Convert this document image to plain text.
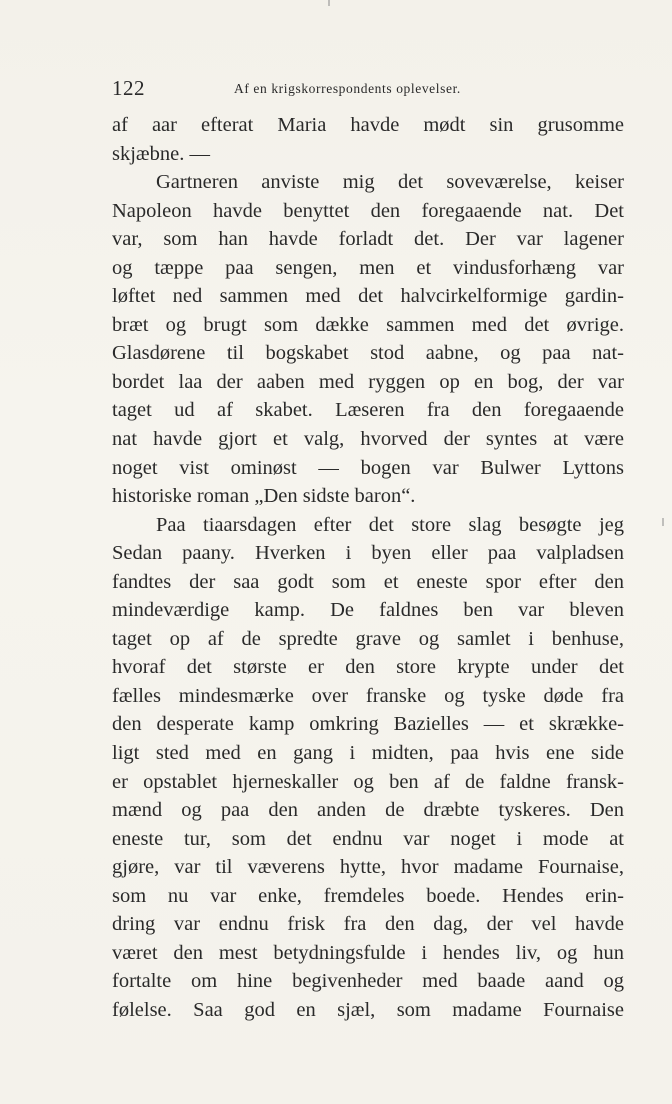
122	Af en krigskorrespondents oplevelser.
af aar efterat Maria havde mødt sin grusomme
skjæbne. —
Gartneren anviste mig det soveværelse, keiser
Napoleon havde benyttet den foregaaende nat. Det
var, som han havde forladt det. Der var lagener
og tæppe paa sengen, men et vindusforhæng var
løftet ned sammen med det halvcirkelformige gardin-
bræt og brugt som dække sammen med det øvrige.
Glasdørene til bogskabet stod aabne, og paa nat-
bordet laa der aaben med ryggen op en bog, der var
taget ud af skabet. Læseren fra den foregaaende
nat havde gjort et valg, hvorved der syntes at være
noget vist ominøst — bogen var Bulwer Lyttons
historiske roman „Den sidste baron“.
Paa tiaarsdagen efter det store slag besøgte jeg
Sedan paany. Hverken i byen eller paa valpladsen
fandtes der saa godt som et eneste spor efter den
mindeværdige kamp. De faldnes ben var bleven
taget op af de spredte grave og samlet i benhuse,
hvoraf det største er den store krypte under det
fælles mindesmærke over franske og tyske døde fra
den desperate kamp omkring Bazielles — et skrække-
ligt sted med en gang i midten, paa hvis ene side
er opstablet hjerneskaller og ben af de faldne fransk-
mænd og paa den anden de dræbte tyskeres. Den
eneste tur, som det endnu var noget i mode at
gjøre, var til væverens hytte, hvor madame Fournaise,
som nu var enke, fremdeles boede. Hendes erin-
dring var endnu frisk fra den dag, der vel havde
været den mest betydningsfulde i hendes liv, og hun
fortalte om hine begivenheder med baade aand og
følelse. Saa god en sjæl, som madame Fournaise
